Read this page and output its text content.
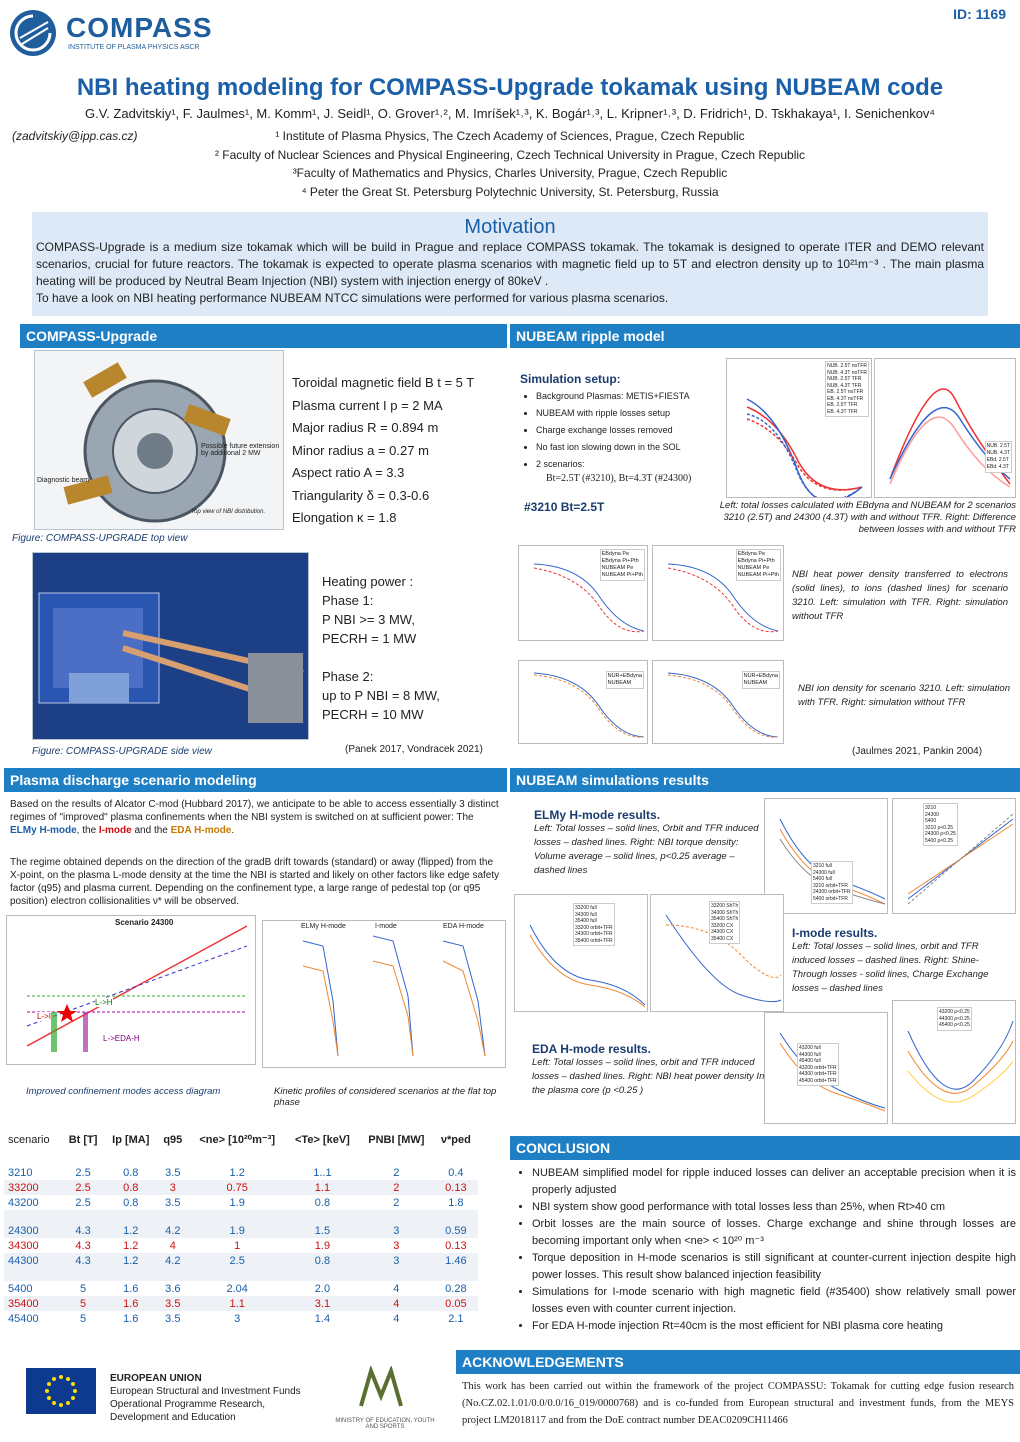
COMPASS
INSTITUTE OF PLASMA PHYSICS ASCR
ID: 1169
NBI heating modeling for COMPASS-Upgrade tokamak using NUBEAM code
G.V. Zadvitskiy¹, F. Jaulmes¹, M. Komm¹, J. Seidl¹, O. Grover¹˒², M. Imríšek¹˒³, K. Bogár¹˒³, L. Kripner¹˒³, D. Fridrich¹, D. Tskhakaya¹, I. Senichenkov⁴
(zadvitskiy@ipp.cas.cz)	¹ Institute of Plasma Physics, The Czech Academy of Sciences, Prague, Czech Republic
² Faculty of Nuclear Sciences and Physical Engineering, Czech Technical University in Prague, Czech Republic
³Faculty of Mathematics and Physics, Charles University, Prague, Czech Republic
⁴ Peter the Great St. Petersburg Polytechnic University, St. Petersburg, Russia
Motivation
COMPASS-Upgrade is a medium size tokamak which will be build in Prague and replace COMPASS tokamak. The tokamak is designed to operate ITER and DEMO relevant scenarios, crucial for future reactors. The tokamak is expected to operate plasma scenarios with magnetic field up to 5T and electron density up to 10²¹m⁻³ . The main plasma heating will be produced by Neutral Beam Injection (NBI) system with injection energy of 80keV .
To have a look on NBI heating performance NUBEAM NTCC simulations were performed for various plasma scenarios.
COMPASS-Upgrade
Diagnostic beam
Possible future extension by additional 2 MW
Top view of NBI distribution.
Figure: COMPASS-UPGRADE top view
Toroidal magnetic field B t = 5 T
Plasma current I p = 2 MA
Major radius R = 0.894 m
Minor radius a = 0.27 m
Aspect ratio A = 3.3
Triangularity δ = 0.3-0.6
Elongation κ = 1.8
Heating power :
Phase 1:
P NBI >= 3 MW,
PECRH = 1 MW
Phase 2:
up to P NBI = 8 MW,
PECRH = 10 MW
Figure: COMPASS-UPGRADE side view	(Panek 2017, Vondracek 2021)
NUBEAM ripple model
Simulation setup:
• Background Plasmas: METIS+FIESTA
• NUBEAM with ripple losses setup
• Charge exchange losses removed
• No fast ion slowing down in the SOL
• 2 scenarios:
Bt=2.5T (#3210), Bt=4.3T (#24300)
#3210 Bt=2.5T
NUB. 2.5T noTFR
NUB. 4.3T noTFR
NUB. 2.5T TFR
NUB. 4.3T TFR
EB. 2.5T noTFR
EB. 4.3T noTFR
EB. 2.5T TFR
EB. 4.3T TFR
NUB. 2.5T
NUB. 4.3T
EBd. 2.5T
EBd. 4.3T
Left: total losses calculated with EBdyna and NUBEAM for 2 scenarios 3210 (2.5T) and 24300 (4.3T) with and without TFR. Right: Difference between losses with and without TFR
EBdyna Pe
EBdyna Pi+Pth
NUBEAM Pe
NUBEAM Pi+Pth
EBdyna Pe
EBdyna Pi+Pth
NUBEAM Pe
NUBEAM Pi+Pth NBI heat power density transferred to electrons (solid lines), to ions (dashed lines) for scenario 3210. Left: simulation with TFR. Right: simulation without TFR
NUR+EBdyna
NUBEAM
NUR+EBdyna
NUBEAM	NBI ion density for scenario 3210. Left: simulation with TFR. Right: simulation without TFR
(Jaulmes 2021, Pankin 2004)
Plasma discharge scenario modeling
Based on the results of Alcator C-mod (Hubbard 2017), we anticipate to be able to access essentially 3 distinct regimes of "improved" plasma confinements when the NBI system is switched on at sufficient power: The ELMy H-mode, the I-mode and the EDA H-mode.
The regime obtained depends on the direction of the gradB drift towards (standard) or away (flipped) from the X-point, on the plasma L-mode density at the time the NBI is started and likely on other factors like edge safety factor (q95) and plasma current. Depending on the confinement type, a large range of pedestal top (or q95 position) electron collisionalities ν* will be observed.
Scenario 24300
L->H
L->I
L->EDA-H
ELMy H-mode	I-mode	EDA H-mode
Improved confinement modes access diagram	Kinetic profiles of considered scenarios at the flat top phase
scenario	Bt [T]	Ip [MA]	q95	<ne> [10²⁰m⁻³]	<Te> [keV]	PNBI [MW]	ν*ped

3210	2.5	0.8	3.5	1.2	1..1	2	0.4
33200	2.5	0.8	3	0.75	1.1	2	0.13
43200	2.5	0.8	3.5	1.9	0.8	2	1.8

24300	4.3	1.2	4.2	1.9	1.5	3	0.59
34300	4.3	1.2	4	1	1.9	3	0.13
44300	4.3	1.2	4.2	2.5	0.8	3	1.46

5400	5	1.6	3.6	2.04	2.0	4	0.28
35400	5	1.6	3.5	1.1	3.1	4	0.05
45400	5	1.6	3.5	3	1.4	4	2.1
NUBEAM simulations results
ELMy H-mode results.
Left: Total losses – solid lines, Orbit and TFR induced losses – dashed lines. Right: NBI torque density: Volume average – solid lines, p<0.25 average – dashed lines	3210 full
24300 full
5400 full
3210 orbit+TFR
24300 orbit+TFR
5400 orbit+TFR
3210
24300
5400
3210 ρ<0.25
24300 ρ<0.25
5400 ρ<0.25
33200 full
34300 full
35400 full
33200 orbit+TFR
34300 orbit+TFR
35400 orbit+TFR
33200 ShTh
34300 ShTh
35400 ShTh
33200 CX
34300 CX
35400 CX	I-mode results.
Left: Total losses – solid lines, orbit and TFR induced losses – dashed lines. Right: Shine-Through losses - solid lines, Charge Exchange losses – dashed lines
EDA H-mode results.
Left: Total losses – solid lines, orbit and TFR induced losses – dashed lines. Right: NBI heat power density In the plasma core (p <0.25 )
43200 full
44300 full
45400 full
43200 orbit+TFR
44300 orbit+TFR
45400 orbit+TFR
43200 ρ<0.25
44300 ρ<0.25
45400 ρ<0.25
CONCLUSION
• NUBEAM simplified model for ripple induced losses can deliver an acceptable precision when it is properly adjusted
• NBI system show good performance with total losses less than 25%, when Rt>40 cm
• Orbit losses are the main source of losses. Charge exchange and shine through losses are becoming important only when <ne> < 10²⁰ m⁻³
• Torque deposition in H-mode scenarios is still significant at counter-current injection despite high power losses. This result show balanced injection feasibility
• Simulations for I-mode scenario with high magnetic field (#35400) show relatively small power losses even with counter current injection.
• For EDA H-mode injection Rt=40cm is the most efficient for NBI plasma core heating
ACKNOWLEDGEMENTS
This work has been carried out within the framework of the project COMPASSU: Tokamak for cutting edge fusion research (No.CZ.02.1.01/0.0/0.0/16_019/0000768) and is co-funded from European structural and investment funds, from the MEYS project LM2018117 and from the DoE contract number DEAC0209CH11466
EUROPEAN UNION
European Structural and Investment Funds
Operational Programme Research,
Development and Education	MINISTRY OF EDUCATION, YOUTH AND SPORTS
